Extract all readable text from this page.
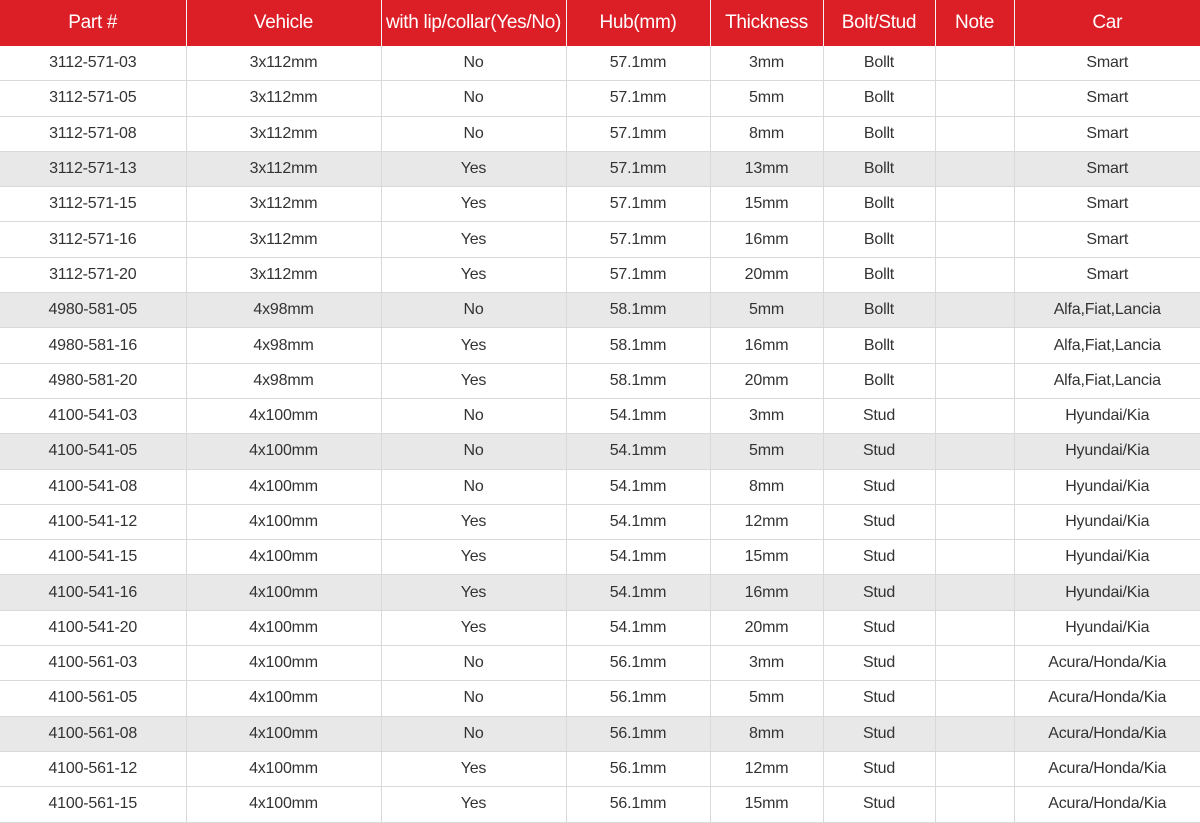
Part #	Vehicle	with lip/collar(Yes/No)	Hub(mm)	Thickness	Bolt/Stud	Note	Car
3112-571-03	3x112mm	No	57.1mm	3mm	Bollt		Smart
3112-571-05	3x112mm	No	57.1mm	5mm	Bollt		Smart
3112-571-08	3x112mm	No	57.1mm	8mm	Bollt		Smart
3112-571-13	3x112mm	Yes	57.1mm	13mm	Bollt		Smart
3112-571-15	3x112mm	Yes	57.1mm	15mm	Bollt		Smart
3112-571-16	3x112mm	Yes	57.1mm	16mm	Bollt		Smart
3112-571-20	3x112mm	Yes	57.1mm	20mm	Bollt		Smart
4980-581-05	4x98mm	No	58.1mm	5mm	Bollt		Alfa,Fiat,Lancia
4980-581-16	4x98mm	Yes	58.1mm	16mm	Bollt		Alfa,Fiat,Lancia
4980-581-20	4x98mm	Yes	58.1mm	20mm	Bollt		Alfa,Fiat,Lancia
4100-541-03	4x100mm	No	54.1mm	3mm	Stud		Hyundai/Kia
4100-541-05	4x100mm	No	54.1mm	5mm	Stud		Hyundai/Kia
4100-541-08	4x100mm	No	54.1mm	8mm	Stud		Hyundai/Kia
4100-541-12	4x100mm	Yes	54.1mm	12mm	Stud		Hyundai/Kia
4100-541-15	4x100mm	Yes	54.1mm	15mm	Stud		Hyundai/Kia
4100-541-16	4x100mm	Yes	54.1mm	16mm	Stud		Hyundai/Kia
4100-541-20	4x100mm	Yes	54.1mm	20mm	Stud		Hyundai/Kia
4100-561-03	4x100mm	No	56.1mm	3mm	Stud		Acura/Honda/Kia
4100-561-05	4x100mm	No	56.1mm	5mm	Stud		Acura/Honda/Kia
4100-561-08	4x100mm	No	56.1mm	8mm	Stud		Acura/Honda/Kia
4100-561-12	4x100mm	Yes	56.1mm	12mm	Stud		Acura/Honda/Kia
4100-561-15	4x100mm	Yes	56.1mm	15mm	Stud		Acura/Honda/Kia
